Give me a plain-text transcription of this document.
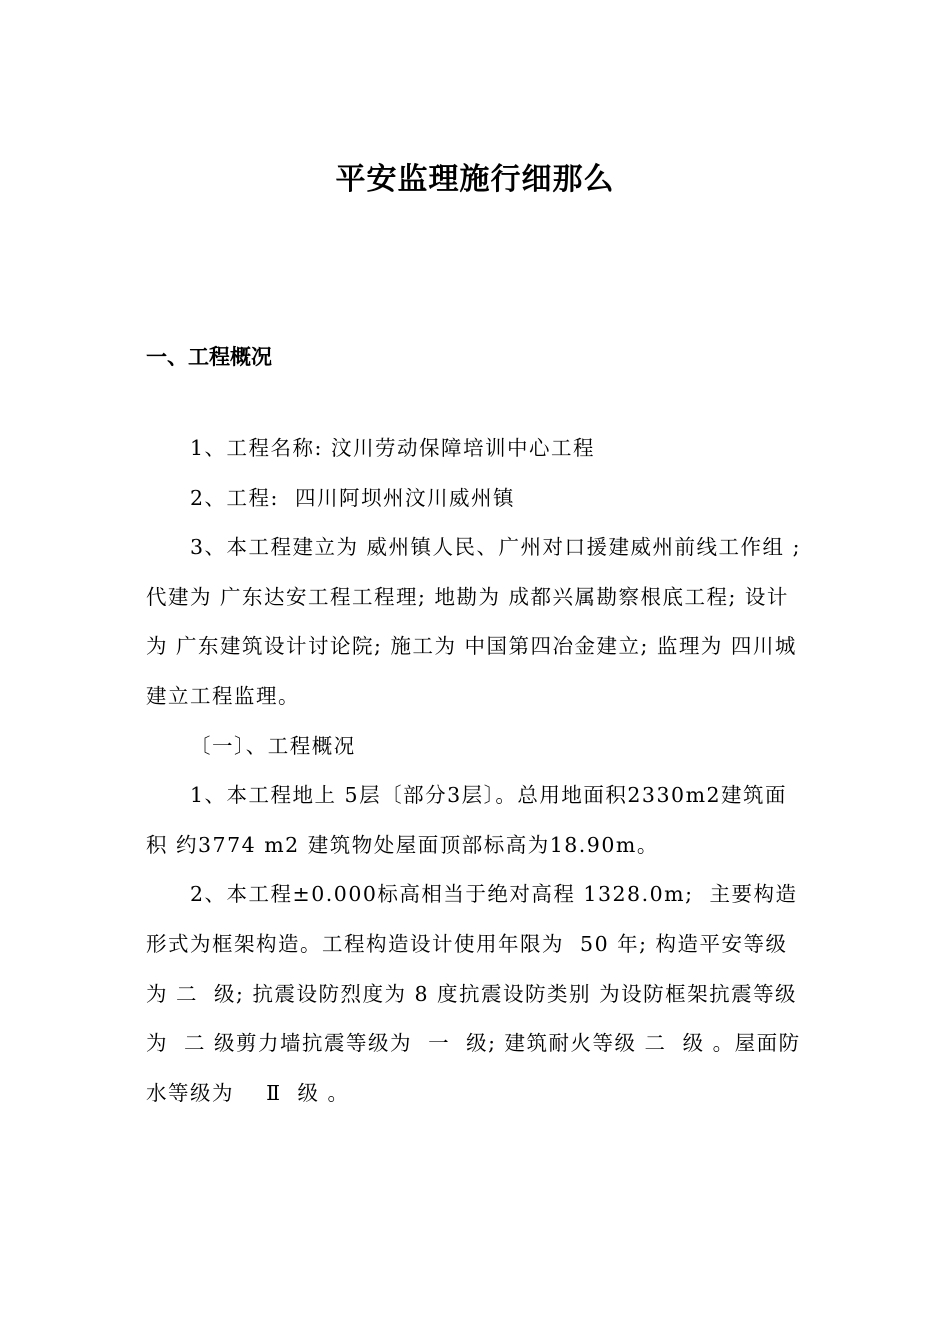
平安监理施行细那么
一、工程概况

1、工程名称: 汶川劳动保障培训中心工程

2、工程:  四川阿坝州汶川威州镇

3、本工程建立为 威州镇人民、广州对口援建威州前线工作组 ; 代建为 广东达安工程工程理; 地勘为 成都兴属勘察根底工程; 设计为 广东建筑设计讨论院; 施工为 中国第四冶金建立; 监理为 四川城建立工程监理。

〔一〕、工程概况

1、本工程地上 5层〔部分3层〕。总用地面积2330m2建筑面积 约3774 m2 建筑物处屋面顶部标高为18.90m。

2、本工程±0.000标高相当于绝对高程 1328.0m;  主要构造形式为框架构造。工程构造设计使用年限为  50 年; 构造平安等级为 二  级; 抗震设防烈度为 8 度抗震设防类别 为设防框架抗震等级为  二 级剪力墙抗震等级为  一  级; 建筑耐火等级 二  级 。屋面防水等级为    Ⅱ  级 。
